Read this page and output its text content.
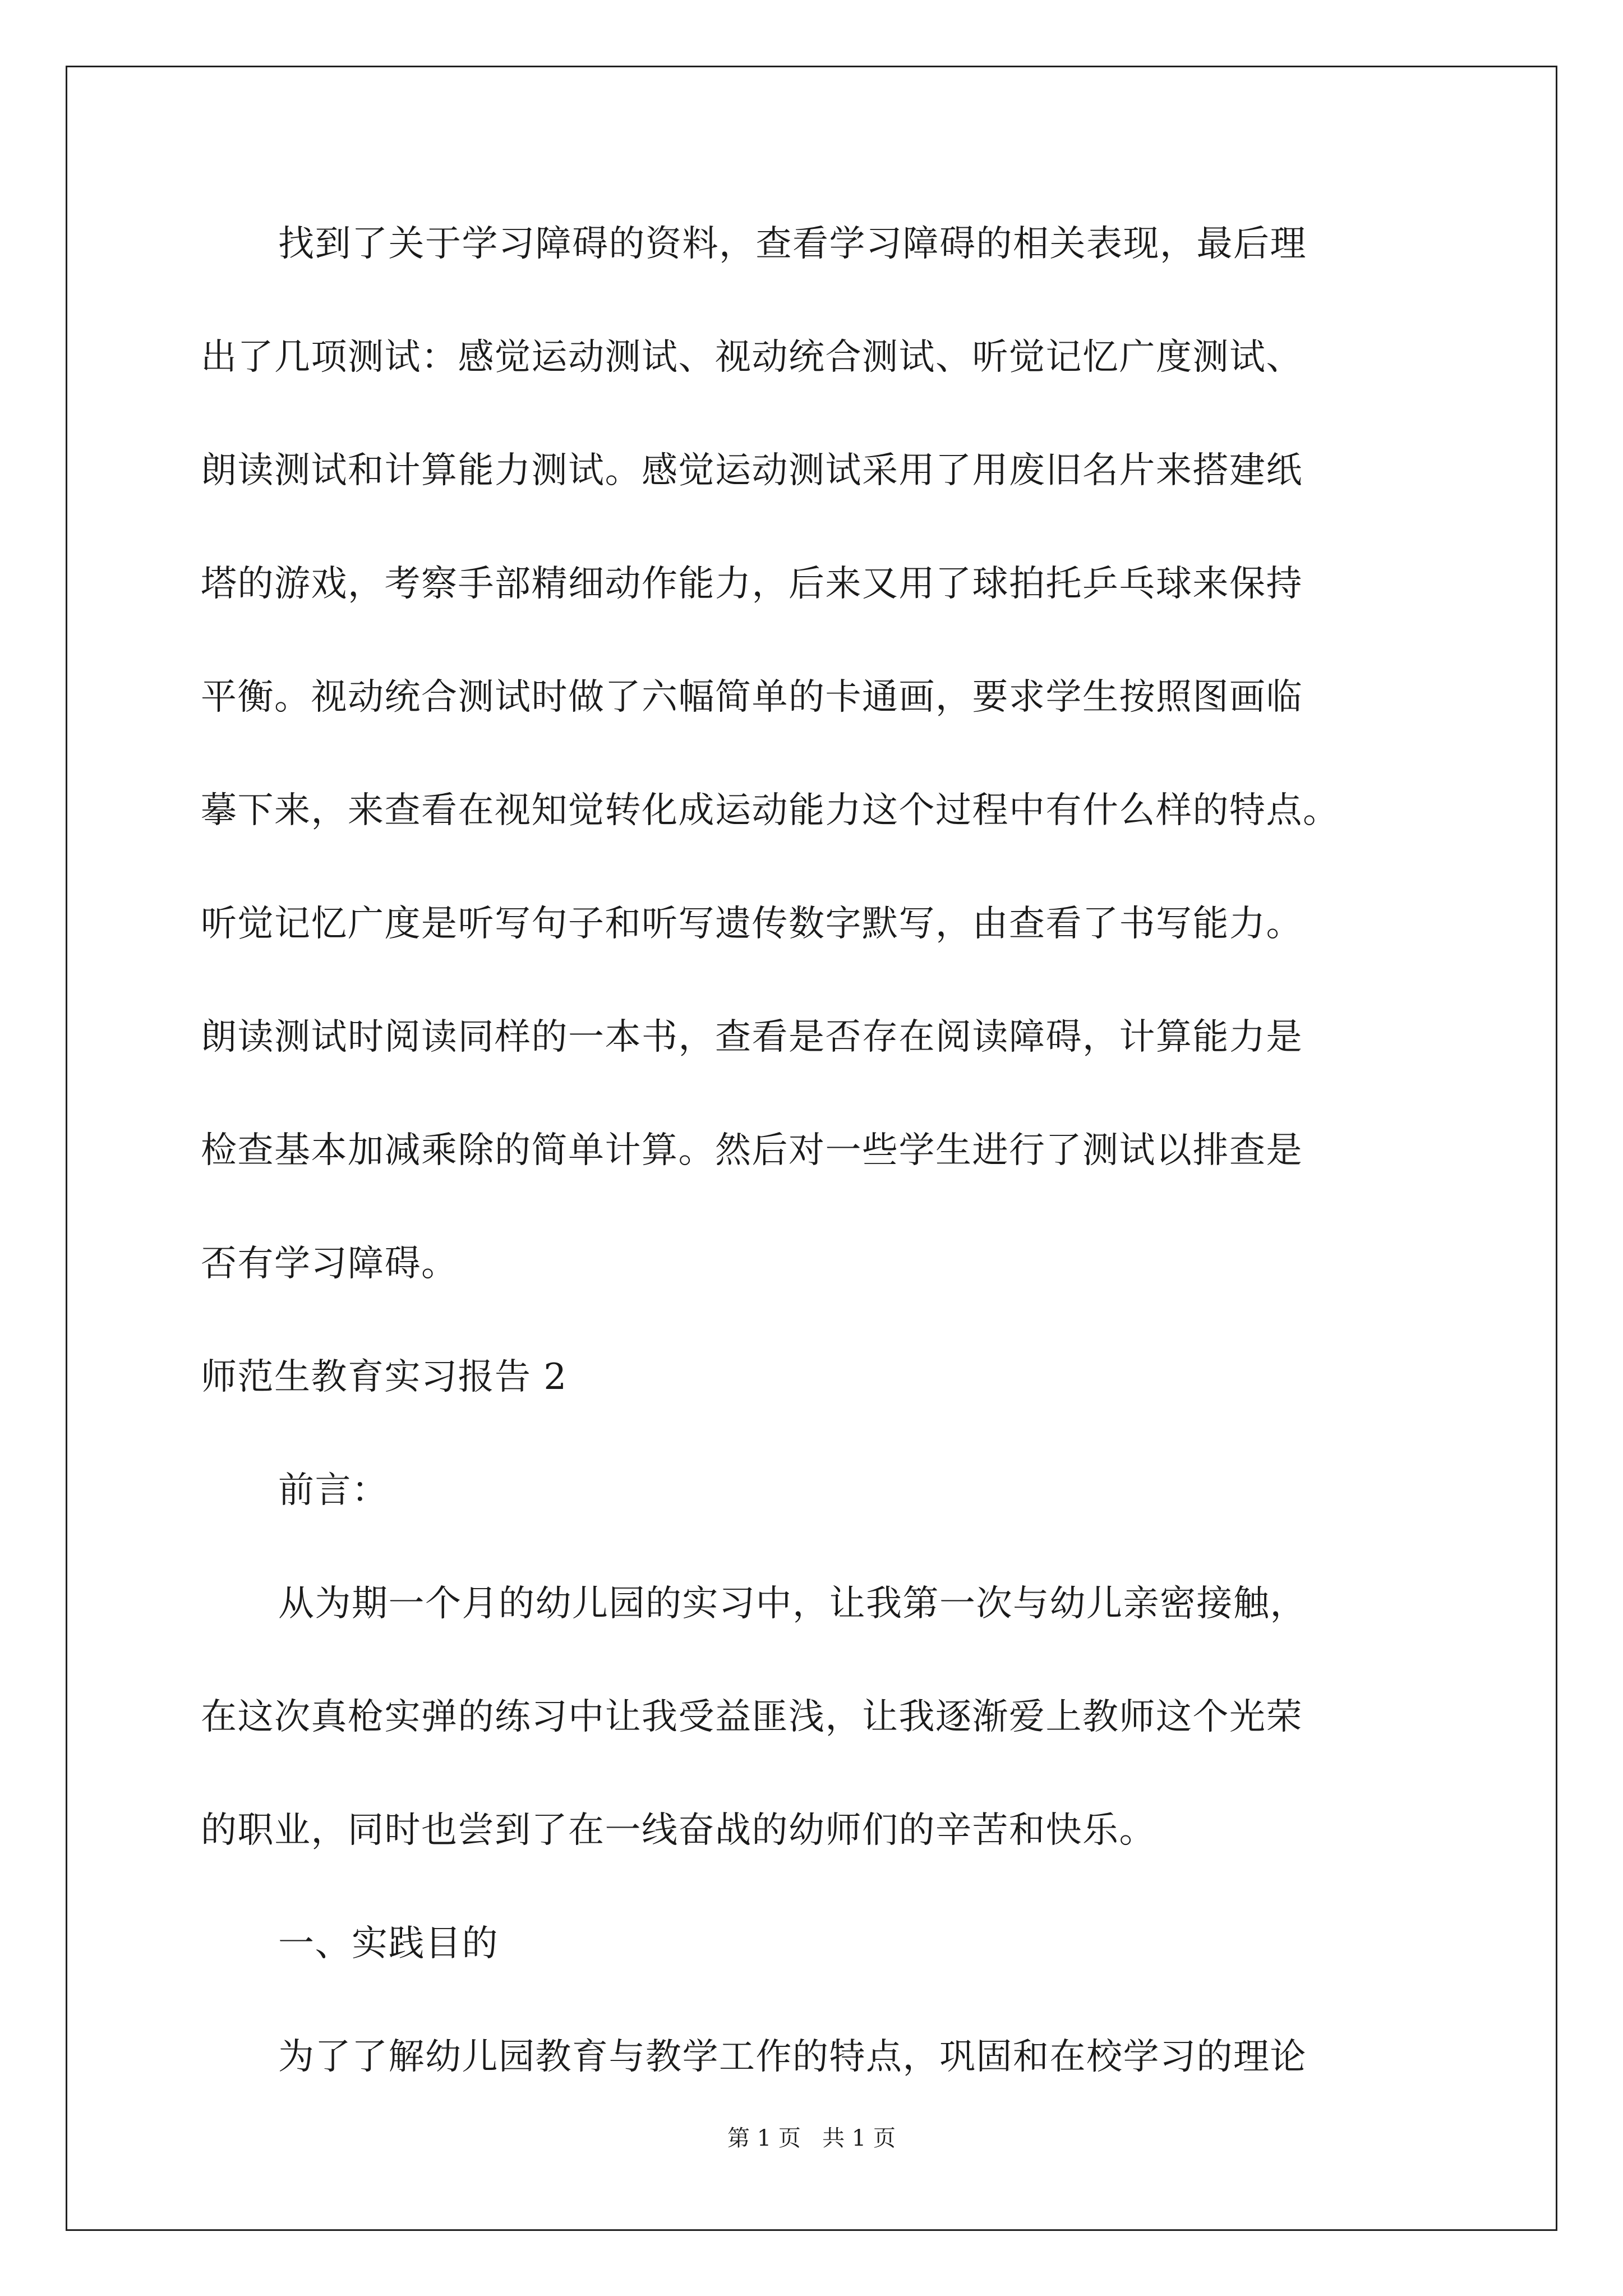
找到了关于学习障碍的资料，查看学习障碍的相关表现，最后理
出了几项测试：感觉运动测试、视动统合测试、听觉记忆广度测试、
朗读测试和计算能力测试。感觉运动测试采用了用废旧名片来搭建纸
塔的游戏，考察手部精细动作能力，后来又用了球拍托乒乓球来保持
平衡。视动统合测试时做了六幅简单的卡通画，要求学生按照图画临
摹下来，来查看在视知觉转化成运动能力这个过程中有什么样的特点。
听觉记忆广度是听写句子和听写遗传数字默写，由查看了书写能力。
朗读测试时阅读同样的一本书，查看是否存在阅读障碍，计算能力是
检查基本加减乘除的简单计算。然后对一些学生进行了测试以排查是
否有学习障碍。
师范生教育实习报告 2
前言：
从为期一个月的幼儿园的实习中，让我第一次与幼儿亲密接触，
在这次真枪实弹的练习中让我受益匪浅，让我逐渐爱上教师这个光荣
的职业，同时也尝到了在一线奋战的幼师们的辛苦和快乐。
一、实践目的
为了了解幼儿园教育与教学工作的特点，巩固和在校学习的理论
第 1 页   共 1 页
